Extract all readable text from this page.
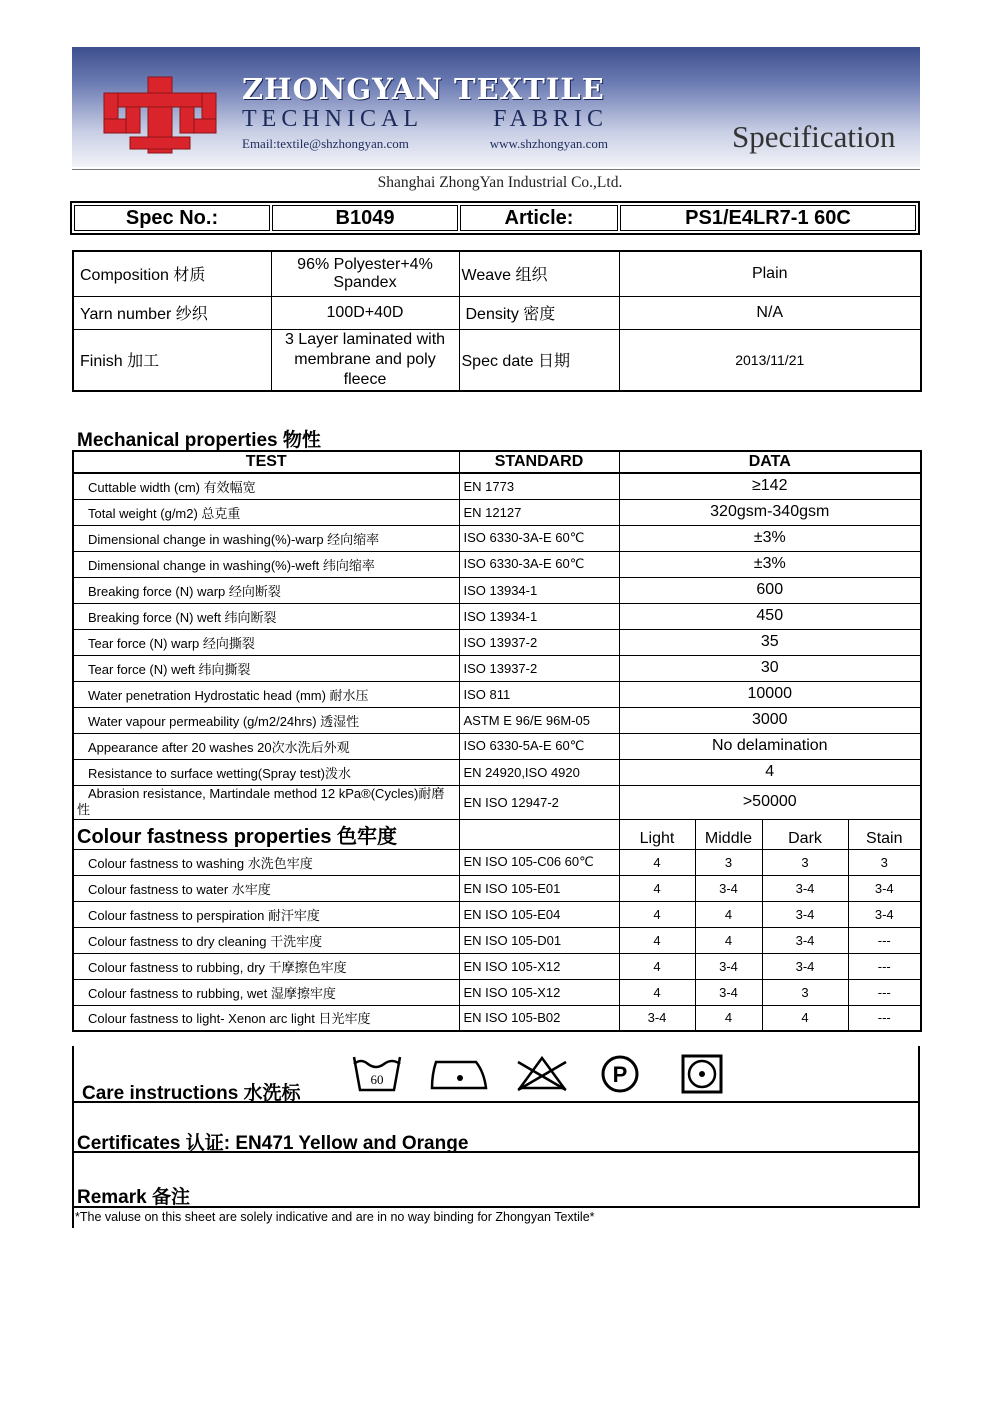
ZHONGYAN TEXTILE
TECHNICAL	FABRIC
Email:textile@shzhongyan.com	www.shzhongyan.com	Specification
Shanghai ZhongYan Industrial Co.,Ltd.
Spec No.:	B1049	Article:	PS1/E4LR7-1 60C
Composition 材质	96% Polyester+4% Spandex	Weave 组织	Plain
Yarn number 纱织	100D+40D	Density 密度	N/A
Finish 加工	3 Layer laminated with membrane and poly fleece	Spec date 日期	2013/11/21
Mechanical properties 物性
TEST	STANDARD	DATA			
Cuttable width (cm) 有效幅宽	EN 1773	≥142			
Total weight (g/m2) 总克重	EN 12127	320gsm-340gsm			
Dimensional change in washing(%)-warp 经向缩率	ISO 6330-3A-E 60℃	±3%			
Dimensional change in washing(%)-weft 纬向缩率	ISO 6330-3A-E 60℃	±3%			
Breaking force (N) warp 经向断裂	ISO 13934-1	600			
Breaking force (N) weft 纬向断裂	ISO 13934-1	450			
Tear force (N) warp 经向撕裂	ISO 13937-2	35			
Tear force (N) weft 纬向撕裂	ISO 13937-2	30			
Water penetration Hydrostatic head (mm) 耐水压	ISO 811	10000			
Water vapour permeability (g/m2/24hrs) 透湿性	ASTM E 96/E 96M-05	3000			
Appearance after 20 washes 20次水洗后外观	ISO 6330-5A-E 60℃	No delamination			
Resistance to surface wetting(Spray test)泼水	EN 24920,ISO 4920	4			
Abrasion resistance, Martindale method 12 kPa®(Cycles)耐磨性	EN ISO 12947-2	>50000			
Colour fastness properties 色牢度		Light	Middle	Dark	Stain
Colour fastness to washing 水洗色牢度	EN ISO 105-C06 60℃	4	3	3	3
Colour fastness to water 水牢度	EN ISO 105-E01	4	3-4	3-4	3-4
Colour fastness to perspiration 耐汗牢度	EN ISO 105-E04	4	4	3-4	3-4
Colour fastness to dry cleaning 干洗牢度	EN ISO 105-D01	4	4	3-4	---
Colour fastness to rubbing, dry 干摩擦色牢度	EN ISO 105-X12	4	3-4	3-4	---
Colour fastness to rubbing, wet 湿摩擦牢度	EN ISO 105-X12	4	3-4	3	---
Colour fastness to light- Xenon arc light 日光牢度	EN ISO 105-B02	3-4	4	4	---
Care instructions 水洗标
60	P
Certificates 认证: EN471 Yellow and Orange
Remark 备注
*The valuse on this sheet are solely indicative and are in no way binding for Zhongyan Textile*
